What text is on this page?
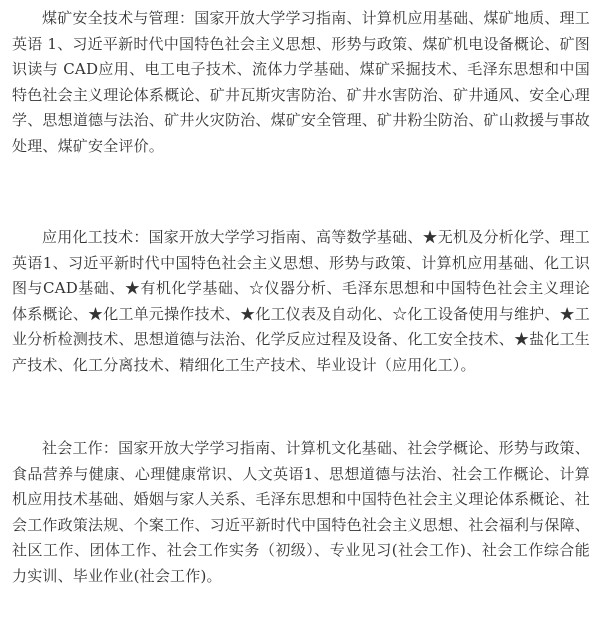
煤矿安全技术与管理：国家开放大学学习指南、计算机应用基础、煤矿地质、理工英语 1、习近平新时代中国特色社会主义思想、形势与政策、煤矿机电设备概论、矿图识读与 CAD应用、电工电子技术、流体力学基础、煤矿采掘技术、毛泽东思想和中国特色社会主义理论体系概论、矿井瓦斯灾害防治、矿井水害防治、矿井通风、安全心理学、思想道德与法治、矿井火灾防治、煤矿安全管理、矿井粉尘防治、矿山救援与事故处理、煤矿安全评价。

应用化工技术：国家开放大学学习指南、高等数学基础、★无机及分析化学、理工英语1、习近平新时代中国特色社会主义思想、形势与政策、计算机应用基础、化工识图与CAD基础、★有机化学基础、☆仪器分析、毛泽东思想和中国特色社会主义理论体系概论、★化工单元操作技术、★化工仪表及自动化、☆化工设备使用与维护、★工业分析检测技术、思想道德与法治、化学反应过程及设备、化工安全技术、★盐化工生产技术、化工分离技术、精细化工生产技术、毕业设计（应用化工）。

社会工作：国家开放大学学习指南、计算机文化基础、社会学概论、形势与政策、食品营养与健康、心理健康常识、人文英语1、思想道德与法治、社会工作概论、计算机应用技术基础、婚姻与家人关系、毛泽东思想和中国特色社会主义理论体系概论、社会工作政策法规、个案工作、习近平新时代中国特色社会主义思想、社会福利与保障、社区工作、团体工作、社会工作实务（初级）、专业见习(社会工作)、社会工作综合能力实训、毕业作业(社会工作)。
